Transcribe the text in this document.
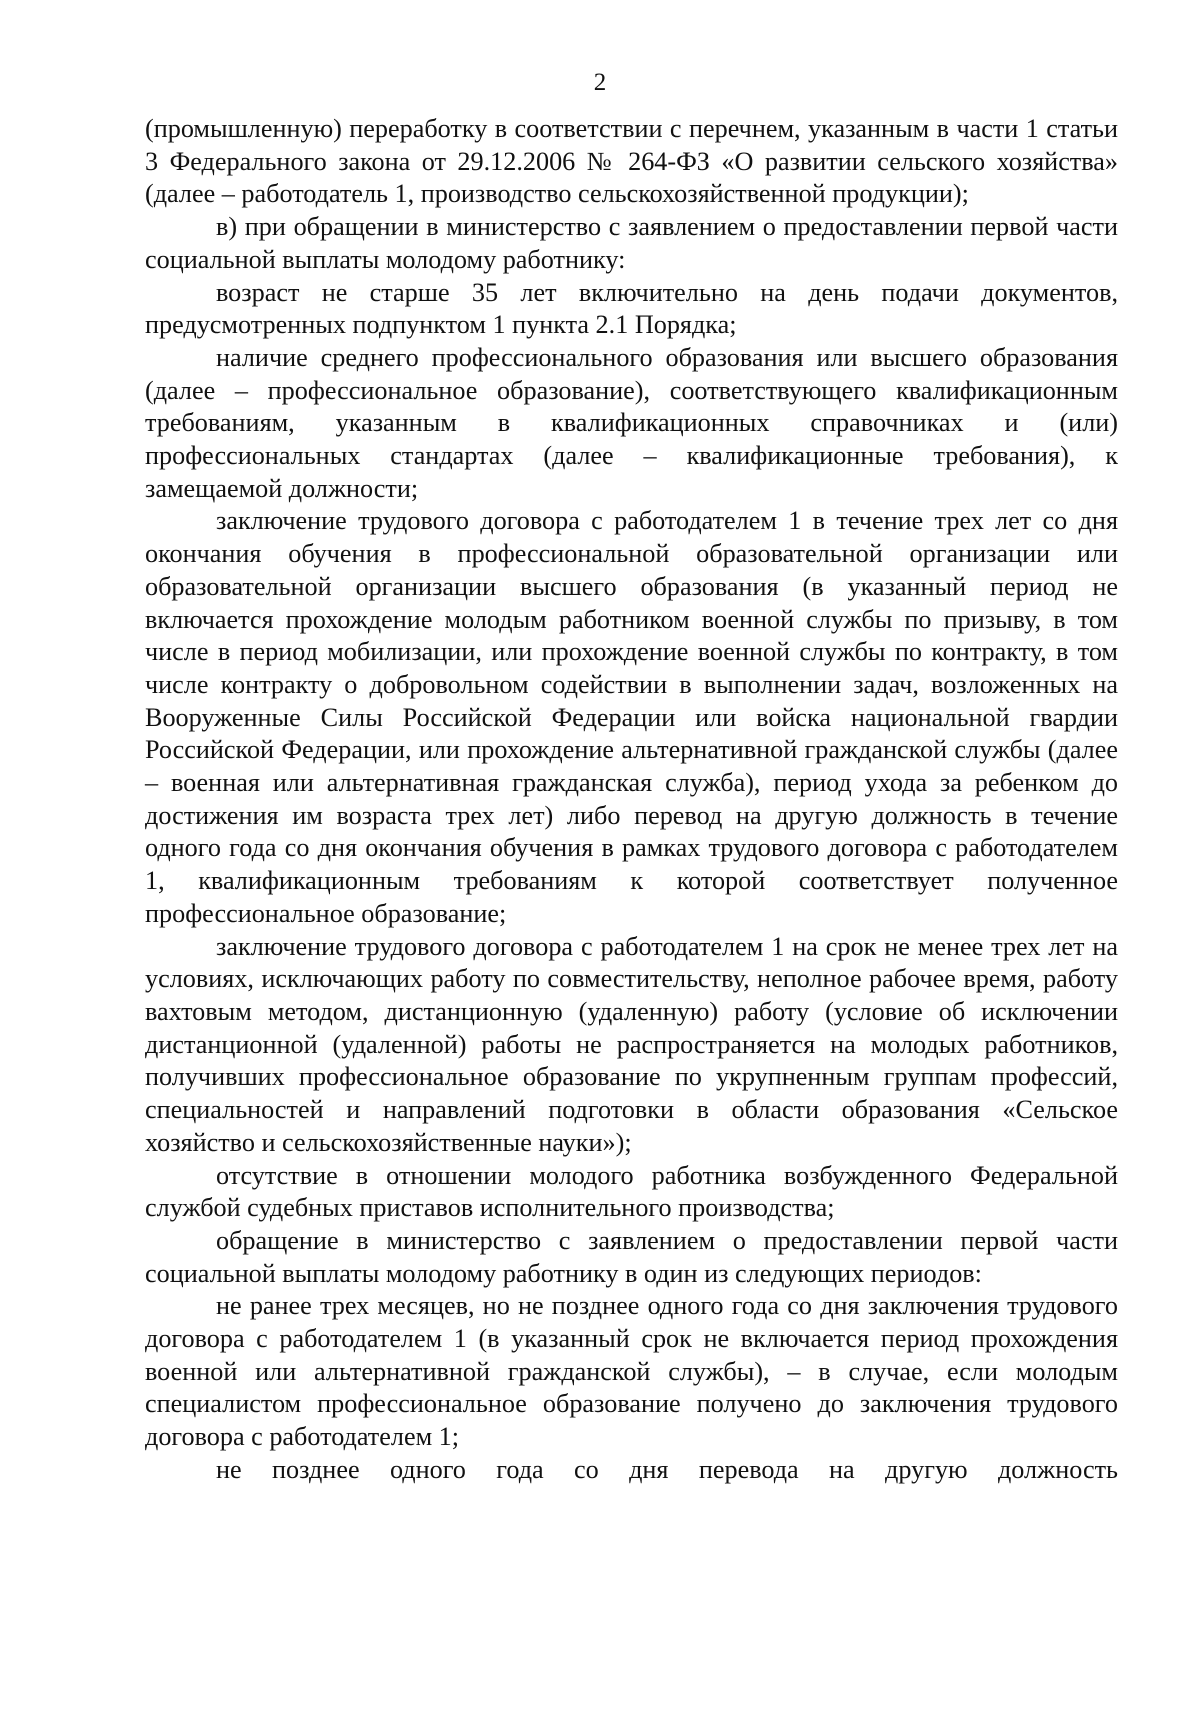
2

(промышленную) переработку в соответствии с перечнем, указанным в части 1 статьи 3 Федерального закона от 29.12.2006 № 264-ФЗ «О развитии сельского хозяйства» (далее – работодатель 1, производство сельскохозяйственной продукции);

в) при обращении в министерство с заявлением о предоставлении первой части социальной выплаты молодому работнику:

возраст не старше 35 лет включительно на день подачи документов, предусмотренных подпунктом 1 пункта 2.1 Порядка;

наличие среднего профессионального образования или высшего образования (далее – профессиональное образование), соответствующего квалификационным требованиям, указанным в квалификационных справочниках и (или) профессиональных стандартах (далее – квалификационные требования), к замещаемой должности;

заключение трудового договора с работодателем 1 в течение трех лет со дня окончания обучения в профессиональной образовательной организации или образовательной организации высшего образования (в указанный период не включается прохождение молодым работником военной службы по призыву, в том числе в период мобилизации, или прохождение военной службы по контракту, в том числе контракту о добровольном содействии в выполнении задач, возложенных на Вооруженные Силы Российской Федерации или войска национальной гвардии Российской Федерации, или прохождение альтернативной гражданской службы (далее – военная или альтернативная гражданская служба), период ухода за ребенком до достижения им возраста трех лет) либо перевод на другую должность в течение одного года со дня окончания обучения в рамках трудового договора с работодателем 1, квалификационным требованиям к которой соответствует полученное профессиональное образование;

заключение трудового договора с работодателем 1 на срок не менее трех лет на условиях, исключающих работу по совместительству, неполное рабочее время, работу вахтовым методом, дистанционную (удаленную) работу (условие об исключении дистанционной (удаленной) работы не распространяется на молодых работников, получивших профессиональное образование по укрупненным группам профессий, специальностей и направлений подготовки в области образования «Сельское хозяйство и сельскохозяйственные науки»);

отсутствие в отношении молодого работника возбужденного Федеральной службой судебных приставов исполнительного производства;

обращение в министерство с заявлением о предоставлении первой части социальной выплаты молодому работнику в один из следующих периодов:

не ранее трех месяцев, но не позднее одного года со дня заключения трудового договора с работодателем 1 (в указанный срок не включается период прохождения военной или альтернативной гражданской службы), – в случае, если молодым специалистом профессиональное образование получено до заключения трудового договора с работодателем 1;

не позднее одного года со дня перевода на другую должность
